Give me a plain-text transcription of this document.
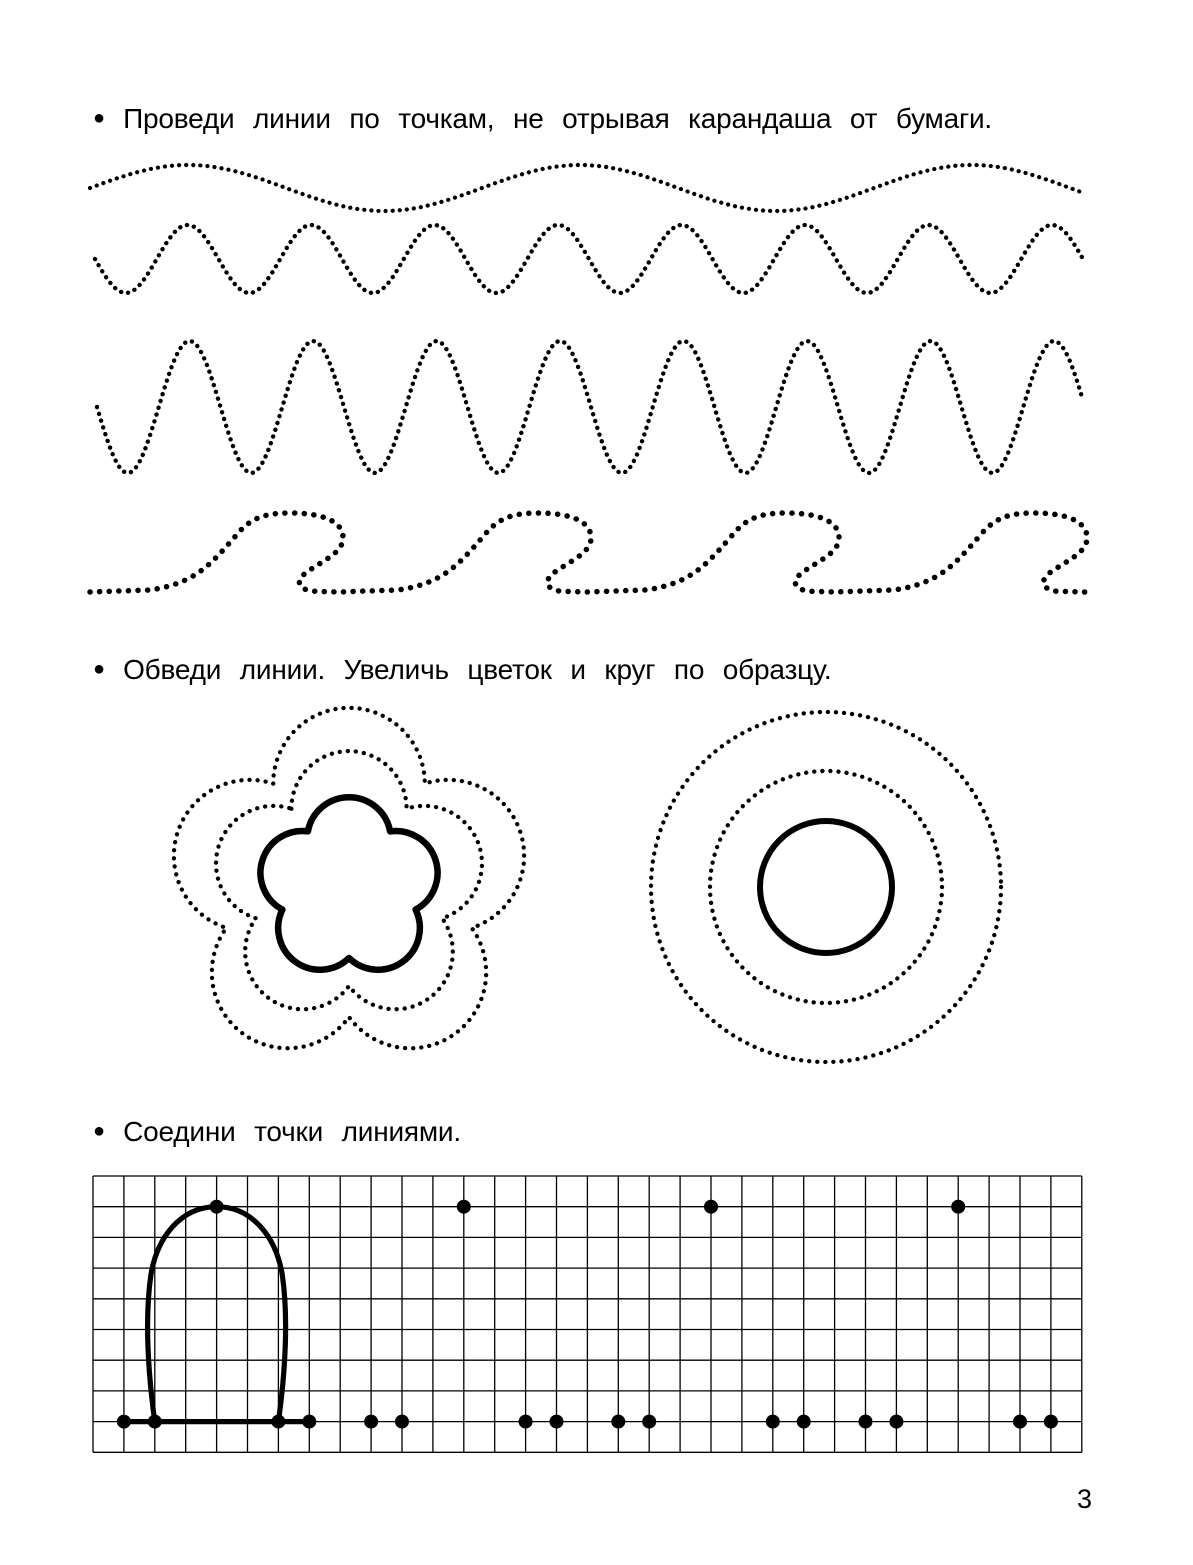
● Проведи линии по точкам, не отрывая карандаша от бумаги.
● Обведи линии. Увеличь цветок и круг по образцу.
● Соедини точки линиями.
3
